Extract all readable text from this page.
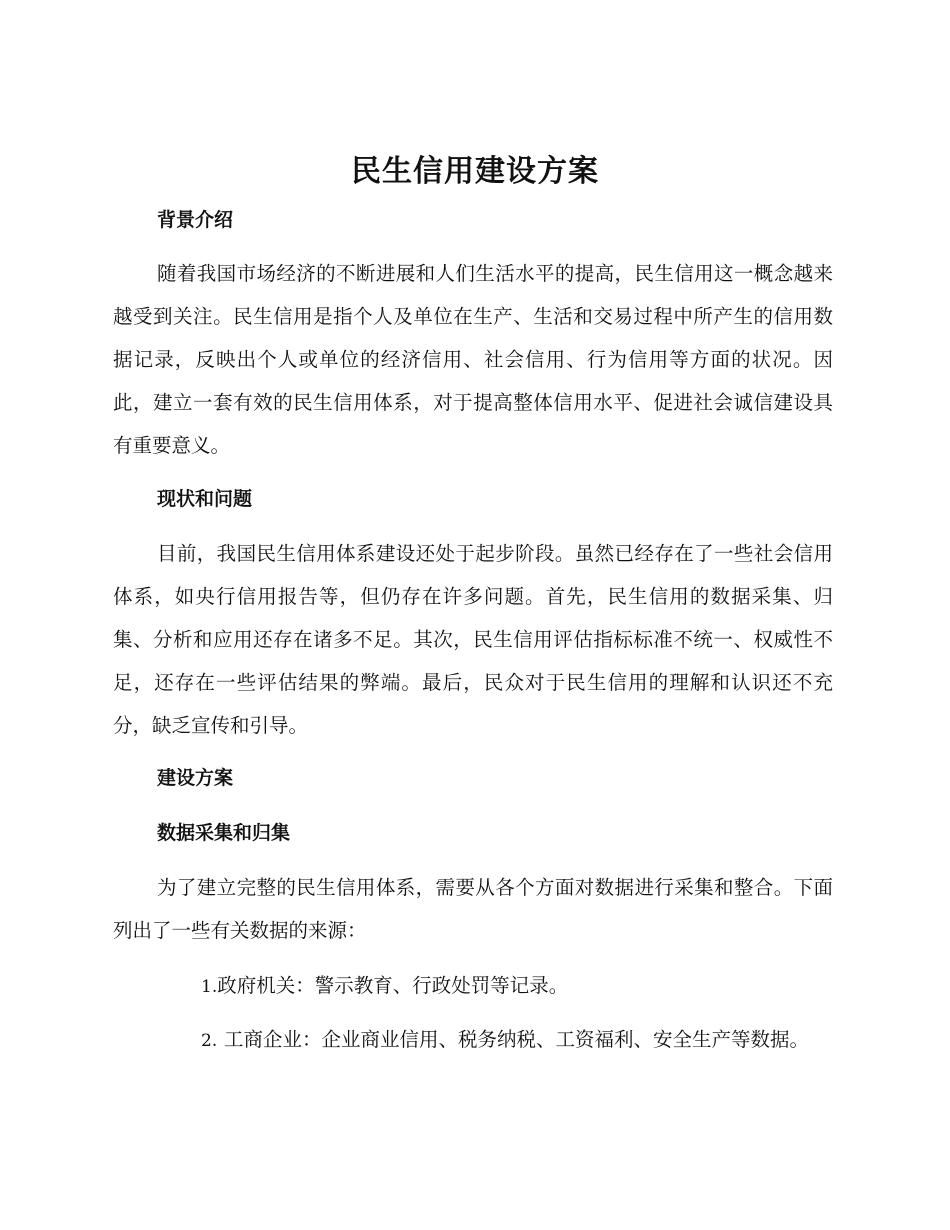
民生信用建设方案
背景介绍

随着我国市场经济的不断进展和人们生活水平的提高，民生信用这一概念越来越受到关注。民生信用是指个人及单位在生产、生活和交易过程中所产生的信用数据记录，反映出个人或单位的经济信用、社会信用、行为信用等方面的状况。因此，建立一套有效的民生信用体系，对于提高整体信用水平、促进社会诚信建设具有重要意义。

现状和问题

目前，我国民生信用体系建设还处于起步阶段。虽然已经存在了一些社会信用体系，如央行信用报告等，但仍存在许多问题。首先，民生信用的数据采集、归集、分析和应用还存在诸多不足。其次，民生信用评估指标标准不统一、权威性不足，还存在一些评估结果的弊端。最后，民众对于民生信用的理解和认识还不充分，缺乏宣传和引导。

建设方案
数据采集和归集

为了建立完整的民生信用体系，需要从各个方面对数据进行采集和整合。下面列出了一些有关数据的来源：

1.政府机关：警示教育、行政处罚等记录。

2. 工商企业：企业商业信用、税务纳税、工资福利、安全生产等数据。
